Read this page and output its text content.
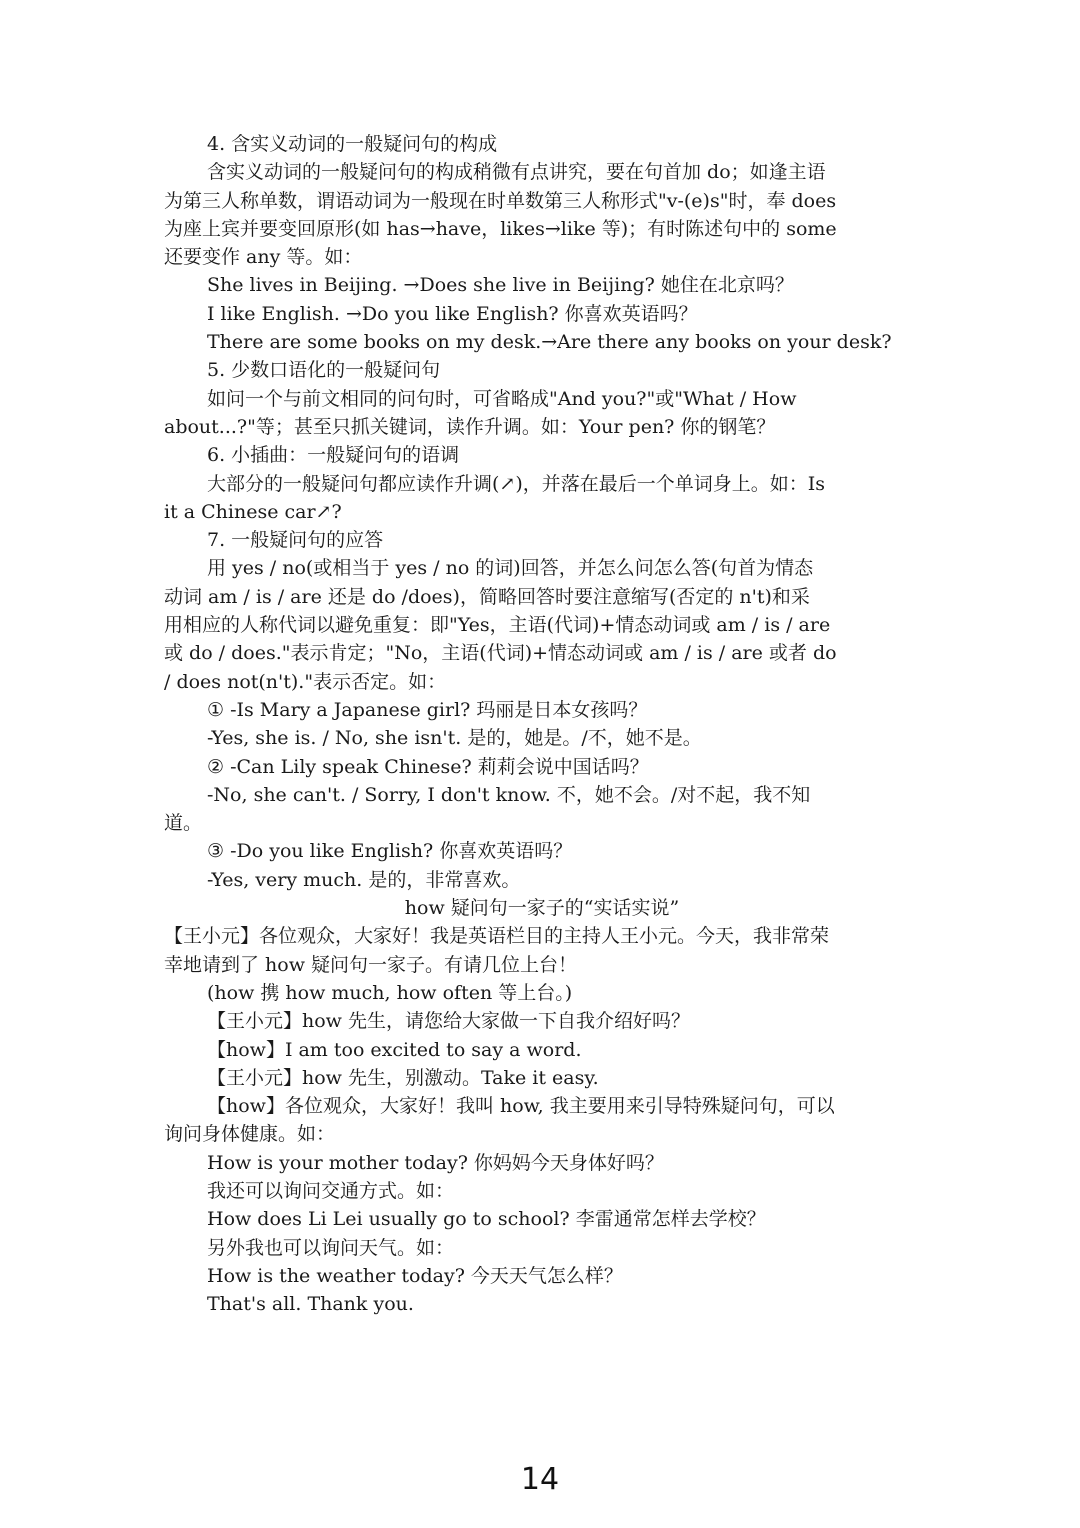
4. 含实义动词的一般疑问句的构成
含实义动词的一般疑问句的构成稍微有点讲究，要在句首加 do；如逢主语
为第三人称单数，谓语动词为一般现在时单数第三人称形式"v-(e)s"时，奉 does
为座上宾并要变回原形(如 has→have，likes→like 等)；有时陈述句中的 some
还要变作 any 等。如：
She lives in Beijing. →Does she live in Beijing? 她住在北京吗？
I like English. →Do you like English? 你喜欢英语吗？
There are some books on my desk.→Are there any books on your desk?
5. 少数口语化的一般疑问句
如问一个与前文相同的问句时，可省略成"And you?"或"What / How
about...?"等；甚至只抓关键词，读作升调。如：Your pen? 你的钢笔？
6. 小插曲：一般疑问句的语调
大部分的一般疑问句都应读作升调(↗)，并落在最后一个单词身上。如：Is
it a Chinese car↗?
7. 一般疑问句的应答
用 yes / no(或相当于 yes / no 的词)回答，并怎么问怎么答(句首为情态
动词 am / is / are 还是 do /does)，简略回答时要注意缩写(否定的 n't)和采
用相应的人称代词以避免重复：即"Yes，主语(代词)+情态动词或 am / is / are
或 do / does."表示肯定；"No，主语(代词)+情态动词或 am / is / are 或者 do
/ does not(n't)."表示否定。如：
① -Is Mary a Japanese girl? 玛丽是日本女孩吗？
-Yes, she is. / No, she isn't. 是的，她是。/不，她不是。
② -Can Lily speak Chinese? 莉莉会说中国话吗？
-No, she can't. / Sorry, I don't know. 不，她不会。/对不起，我不知
道。
③ -Do you like English? 你喜欢英语吗？
-Yes, very much. 是的，非常喜欢。
how 疑问句一家子的“实话实说”
【王小元】各位观众，大家好！我是英语栏目的主持人王小元。今天，我非常荣
幸地请到了 how 疑问句一家子。有请几位上台！
(how 携 how much, how often 等上台。)
【王小元】how 先生，请您给大家做一下自我介绍好吗？
【how】I am too excited to say a word.
【王小元】how 先生，别激动。Take it easy.
【how】各位观众，大家好！我叫 how, 我主要用来引导特殊疑问句，可以
询问身体健康。如：
How is your mother today? 你妈妈今天身体好吗？
我还可以询问交通方式。如：
How does Li Lei usually go to school? 李雷通常怎样去学校？
另外我也可以询问天气。如：
How is the weather today? 今天天气怎么样？
That's all. Thank you.
14
